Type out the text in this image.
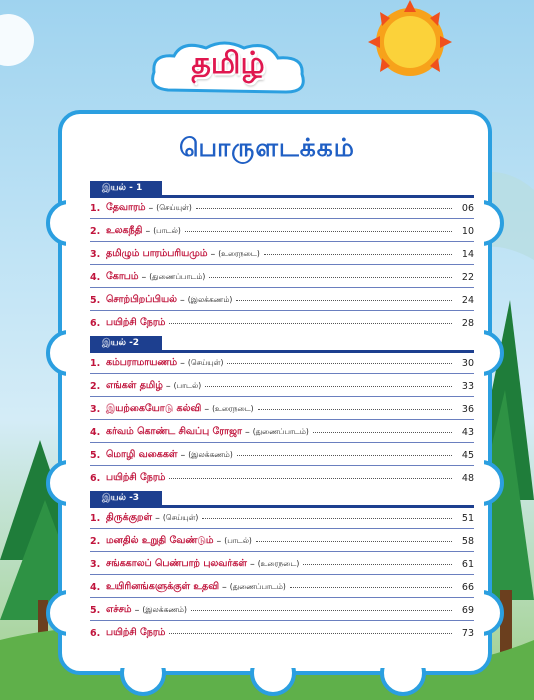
தமிழ்
பொருளடக்கம்
இயல் - 1
1. தேவாரம் – (செய்யுள்)	06
2. உலகநீதி – (பாடல்)	10
3. தமிழும் பாரம்பரியமும் – (உரைநடை)	14
4. கோபம் – (துணைப்பாடம்)	22
5. சொற்பிறப்பியல் – (இலக்கணம்)	24
6. பயிற்சி நேரம்	28
இயல் -2
1. கம்பராமாயணம் – (செய்யுள்)	30
2. எங்கள் தமிழ் – (பாடல்)	33
3. இயற்கையோடு கல்வி – (உரைநடை)	36
4. கர்வம் கொண்ட சிவப்பு ரோஜா – (துணைப்பாடம்)	43
5. மொழி வகைகள் – (இலக்கணம்)	45
6. பயிற்சி நேரம்	48
இயல் -3
1. திருக்குறள் – (செய்யுள்)	51
2. மனதில் உறுதி வேண்டும் – (பாடல்)	58
3. சங்ககாலப் பெண்பாற் புலவர்கள் – (உரைநடை)	61
4. உயிரினங்களுக்குள் உதவி – (துணைப்பாடம்)	66
5. எச்சம் – (இலக்கணம்)	69
6. பயிற்சி நேரம்	73
